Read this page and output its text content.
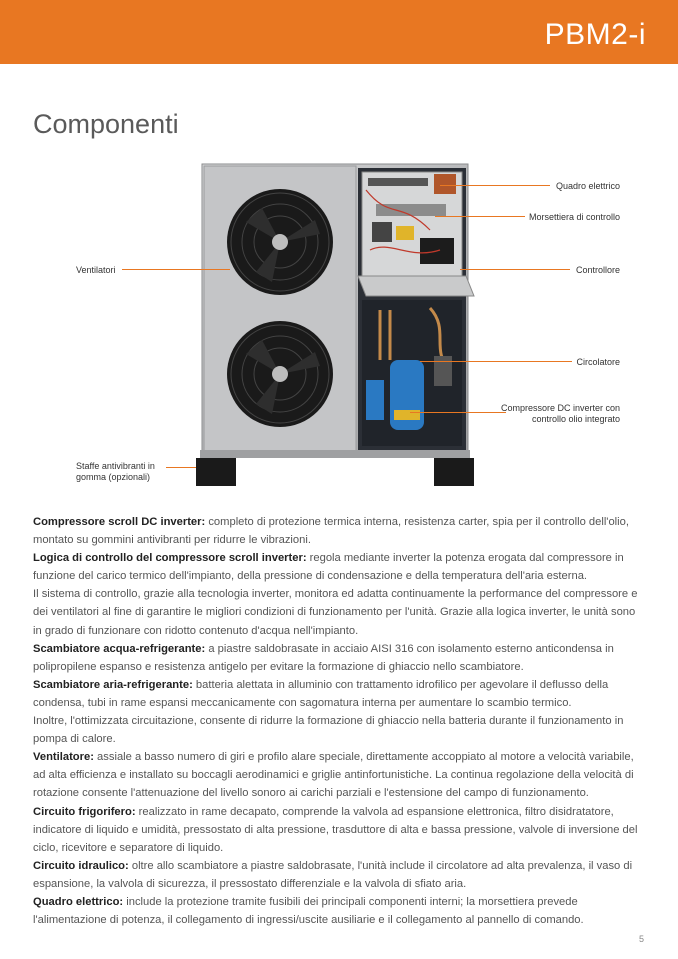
PBM2-i
Componenti
Quadro elettrico
Morsettiera di controllo
Ventilatori	Controllore
Circolatore
Compressore DC inverter con
controllo olio integrato
Staffe antivibranti in
gomma (opzionali)

Compressore scroll DC inverter: completo di protezione termica interna, resistenza carter, spia per il controllo dell'olio, montato su gommini antivibranti per ridurre le vibrazioni.

Logica di controllo del compressore scroll inverter: regola mediante inverter la potenza erogata dal compressore in funzione del carico termico dell'impianto, della pressione di condensazione e della temperatura dell'aria esterna.

Il sistema di controllo, grazie alla tecnologia inverter, monitora ed adatta continuamente la performance del compressore e dei ventilatori al fine di garantire le migliori condizioni di funzionamento per l'unità. Grazie alla logica inverter, le unità sono in grado di funzionare con ridotto contenuto d'acqua nell'impianto.

Scambiatore acqua-refrigerante: a piastre saldobrasate in acciaio AISI 316 con isolamento esterno anticondensa in polipropilene espanso e resistenza antigelo per evitare la formazione di ghiaccio nello scambiatore.

Scambiatore aria-refrigerante: batteria alettata in alluminio con trattamento idrofilico per agevolare il deflusso della condensa, tubi in rame espansi meccanicamente con sagomatura interna per aumentare lo scambio termico.

Inoltre, l'ottimizzata circuitazione, consente di ridurre la formazione di ghiaccio nella batteria durante il funzionamento in pompa di calore.

Ventilatore: assiale a basso numero di giri e profilo alare speciale, direttamente accoppiato al motore a velocità variabile, ad alta efficienza e installato su boccagli aerodinamici e griglie antinfortunistiche. La continua regolazione della velocità di rotazione consente l'attenuazione del livello sonoro ai carichi parziali e l'estensione del campo di funzionamento.

Circuito frigorifero: realizzato in rame decapato, comprende la valvola ad espansione elettronica, filtro disidratatore, indicatore di liquido e umidità, pressostato di alta pressione, trasduttore di alta e bassa pressione, valvole di inversione del ciclo, ricevitore e separatore di liquido.

Circuito idraulico: oltre allo scambiatore a piastre saldobrasate, l'unità include il circolatore ad alta prevalenza, il vaso di espansione, la valvola di sicurezza, il pressostato differenziale e la valvola di sfiato aria.

Quadro elettrico: include la protezione tramite fusibili dei principali componenti interni; la morsettiera prevede l'alimentazione di potenza, il collegamento di ingressi/uscite ausiliarie e il collegamento al pannello di comando.

5
